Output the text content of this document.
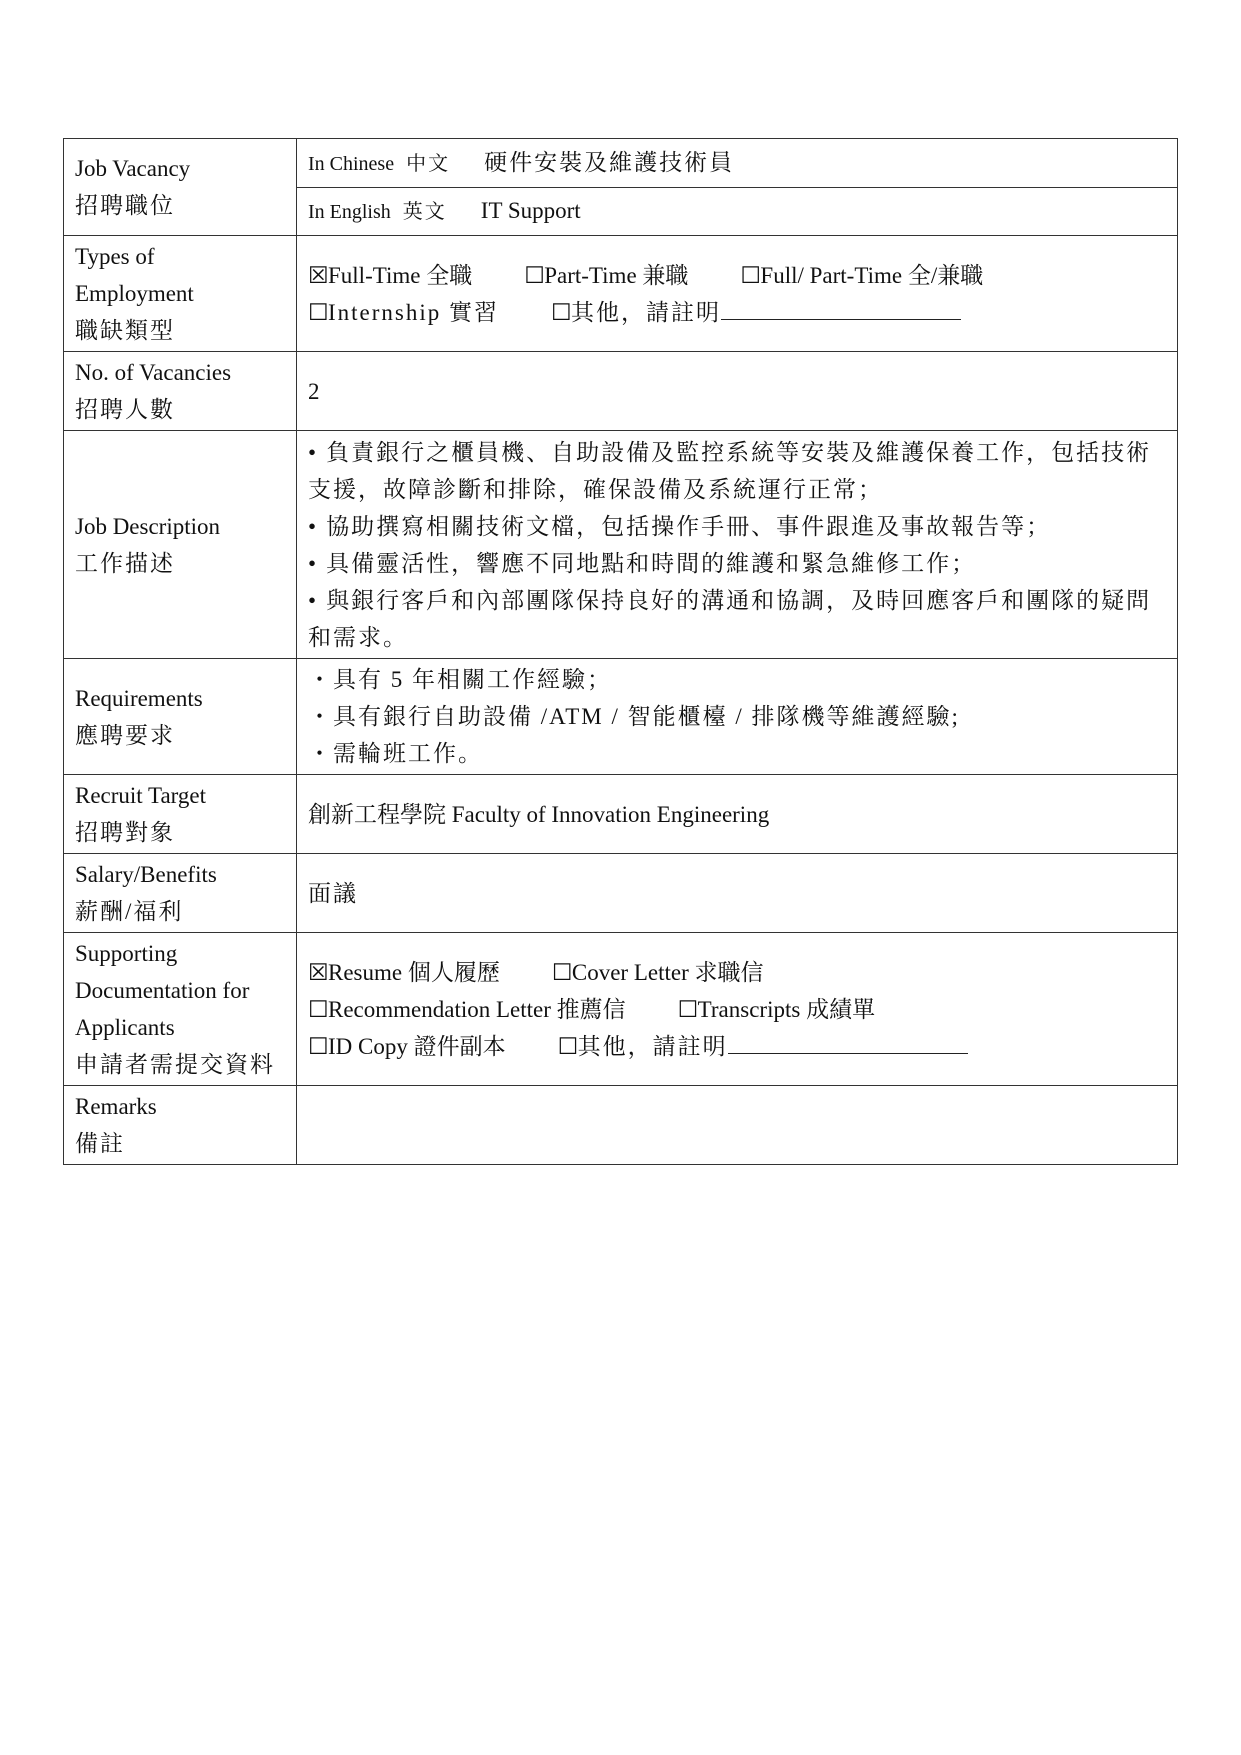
Job Vacancy
招聘職位	In Chinese 中文 硬件安裝及維護技術員
	In English 英文 IT Support

Types of
Employment
職缺類型	☒Full-Time 全職 ☐Part-Time 兼職 ☐Full/ Part-Time 全/兼職
☐Internship 實習 ☐其他，請註明

No. of Vacancies
招聘人數	2

Job Description
工作描述	• 負責銀行之櫃員機、自助設備及監控系統等安裝及維護保養工作，包括技術支援，故障診斷和排除，確保設備及系統運行正常；
• 協助撰寫相關技術文檔，包括操作手冊、事件跟進及事故報告等；
• 具備靈活性，響應不同地點和時間的維護和緊急維修工作；
• 與銀行客戶和內部團隊保持良好的溝通和協調，及時回應客戶和團隊的疑問和需求。

Requirements
應聘要求	・具有 5 年相關工作經驗；
・具有銀行自助設備 /ATM / 智能櫃檯 / 排隊機等維護經驗;
・需輪班工作。

Recruit Target
招聘對象	創新工程學院 Faculty of Innovation Engineering

Salary/Benefits
薪酬/福利	面議

Supporting
Documentation for
Applicants
申請者需提交資料	☒Resume 個人履歷 ☐Cover Letter 求職信
☐Recommendation Letter 推薦信 ☐Transcripts 成績單
☐ID Copy 證件副本 ☐其他，請註明

Remarks
備註	
